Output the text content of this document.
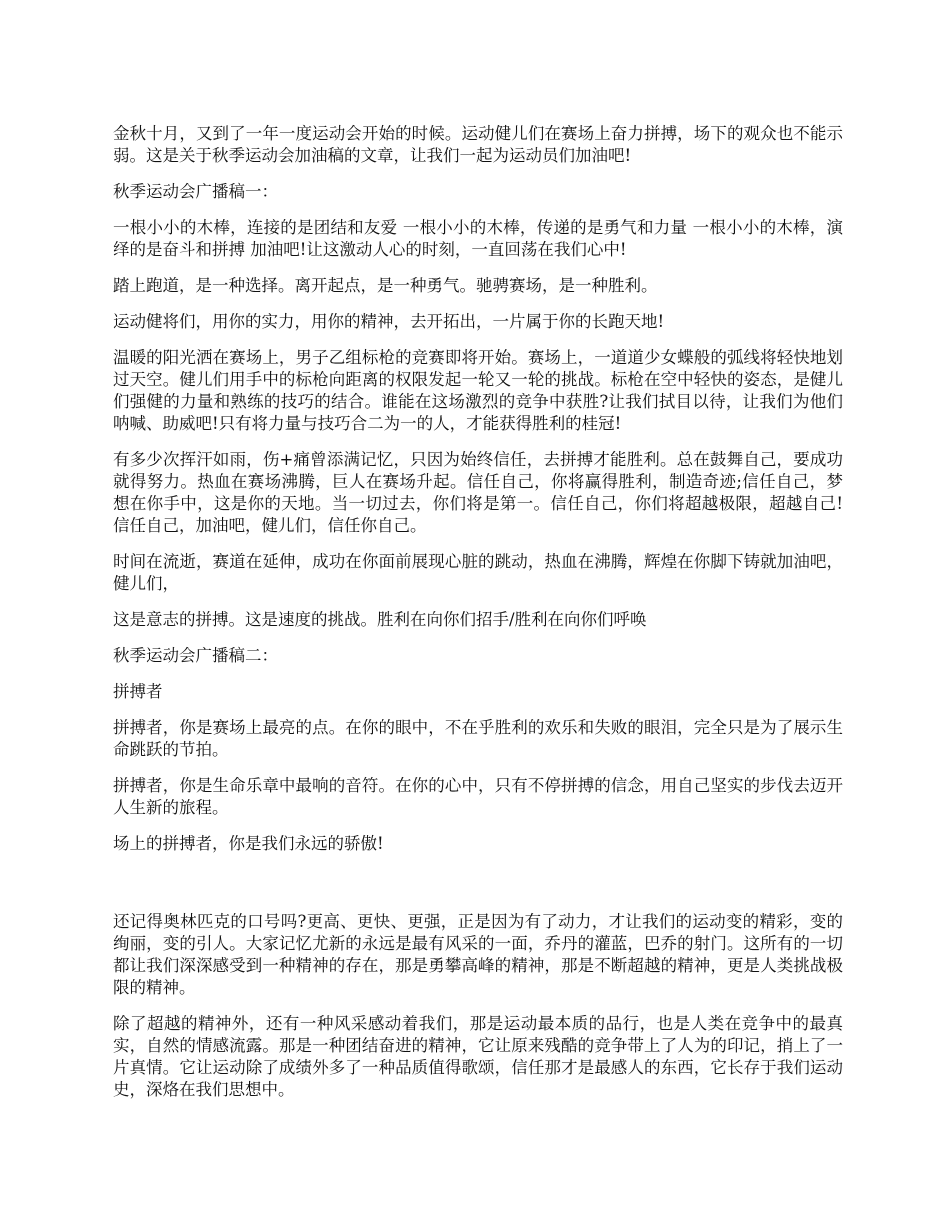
金秋十月，又到了一年一度运动会开始的时候。运动健儿们在赛场上奋力拼搏，场下的观众也不能示弱。这是关于秋季运动会加油稿的文章，让我们一起为运动员们加油吧!

秋季运动会广播稿一：

一根小小的木棒，连接的是团结和友爱 一根小小的木棒，传递的是勇气和力量 一根小小的木棒，演绎的是奋斗和拼搏 加油吧!让这激动人心的时刻，一直回荡在我们心中!

踏上跑道，是一种选择。离开起点，是一种勇气。驰骋赛场，是一种胜利。

运动健将们，用你的实力，用你的精神，去开拓出，一片属于你的长跑天地!

温暖的阳光洒在赛场上，男子乙组标枪的竞赛即将开始。赛场上，一道道少女蝶般的弧线将轻快地划过天空。健儿们用手中的标枪向距离的权限发起一轮又一轮的挑战。标枪在空中轻快的姿态，是健儿们强健的力量和熟练的技巧的结合。谁能在这场激烈的竞争中获胜?让我们拭目以待，让我们为他们呐喊、助威吧!只有将力量与技巧合二为一的人，才能获得胜利的桂冠!

有多少次挥汗如雨，伤+痛曾添满记忆，只因为始终信任，去拼搏才能胜利。总在鼓舞自己，要成功就得努力。热血在赛场沸腾，巨人在赛场升起。信任自己，你将赢得胜利，制造奇迹;信任自己，梦想在你手中，这是你的天地。当一切过去，你们将是第一。信任自己，你们将超越极限，超越自己!信任自己，加油吧，健儿们，信任你自己。

时间在流逝，赛道在延伸，成功在你面前展现心脏的跳动，热血在沸腾，辉煌在你脚下铸就加油吧，健儿们，

这是意志的拼搏。这是速度的挑战。胜利在向你们招手/胜利在向你们呼唤

秋季运动会广播稿二：

拼搏者

拼搏者，你是赛场上最亮的点。在你的眼中，不在乎胜利的欢乐和失败的眼泪，完全只是为了展示生命跳跃的节拍。

拼搏者，你是生命乐章中最响的音符。在你的心中，只有不停拼搏的信念，用自己坚实的步伐去迈开人生新的旅程。

场上的拼搏者，你是我们永远的骄傲!

还记得奥林匹克的口号吗?更高、更快、更强，正是因为有了动力，才让我们的运动变的精彩，变的绚丽，变的引人。大家记忆尤新的永远是最有风采的一面，乔丹的灌蓝，巴乔的射门。这所有的一切都让我们深深感受到一种精神的存在，那是勇攀高峰的精神，那是不断超越的精神，更是人类挑战极限的精神。

除了超越的精神外，还有一种风采感动着我们，那是运动最本质的品行，也是人类在竞争中的最真实，自然的情感流露。那是一种团结奋进的精神，它让原来残酷的竞争带上了人为的印记，捎上了一片真情。它让运动除了成绩外多了一种品质值得歌颂，信任那才是最感人的东西，它长存于我们运动史，深烙在我们思想中。
